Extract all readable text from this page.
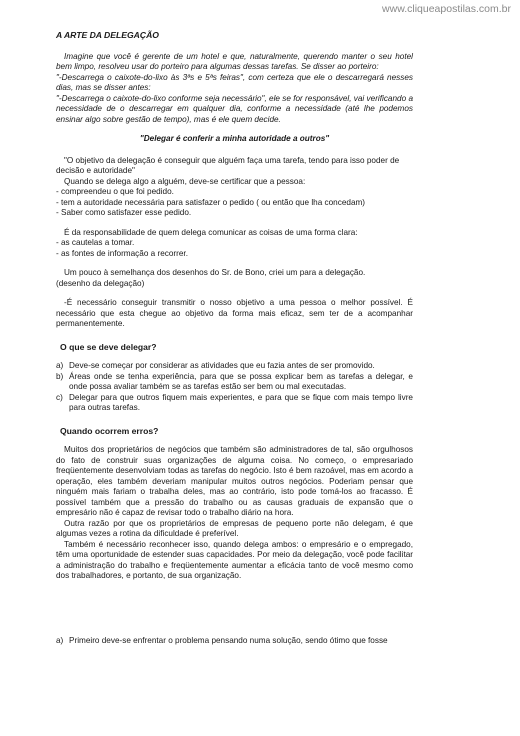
www.cliqueapostilas.com.br

A ARTE DA DELEGAÇÃO

Imagine que você é gerente de um hotel e que, naturalmente, querendo manter o seu hotel bem limpo, resolveu usar do porteiro para algumas dessas tarefas. Se disser ao porteiro:

"-Descarrega o caixote-do-lixo às 3ªs e 5ªs feiras", com certeza que ele o descarregará nesses dias, mas se disser antes:

"-Descarrega o caixote-do-lixo conforme seja necessário", ele se for responsável, vai verificando a necessidade de o descarregar em qualquer dia, conforme a necessidade (até lhe podemos ensinar algo sobre gestão de tempo), mas é ele quem decide.

"Delegar é conferir a minha autoridade a outros"

"O objetivo da delegação é conseguir que alguém faça uma tarefa, tendo para isso poder de decisão e autoridade"

Quando se delega algo a alguém, deve-se certificar que a pessoa:

- compreendeu o que foi pedido.

- tem a autoridade necessária para satisfazer o pedido ( ou então que lha concedam)

- Saber como satisfazer esse pedido.

É da responsabilidade de quem delega comunicar as coisas de uma forma clara:

- as cautelas a tomar.

- as fontes de informação a recorrer.

Um pouco à semelhança dos desenhos do Sr. de Bono, criei um para a delegação.

(desenho da delegação)

-É necessário conseguir transmitir o nosso objetivo a uma pessoa o melhor possível. É necessário que esta chegue ao objetivo da forma mais eficaz, sem ter de a acompanhar permanentemente.

O que se deve delegar?

a) Deve-se começar por considerar as atividades que eu fazia antes de ser promovido.
b) Áreas onde se tenha experiência, para que se possa explicar bem as tarefas a delegar, e onde possa avaliar também se as tarefas estão ser bem ou mal executadas.
c) Delegar para que outros fiquem mais experientes, e para que se fique com mais tempo livre para outras tarefas.

Quando ocorrem erros?

Muitos dos proprietários de negócios que também são administradores de tal, são orgulhosos do fato de construir suas organizações de alguma coisa. No começo, o empresariado freqüentemente desenvolviam todas as tarefas do negócio. Isto é bem razoável, mas em acordo a operação, eles também deveriam manipular muitos outros negócios. Poderiam pensar que ninguém mais fariam o trabalha deles, mas ao contrário, isto pode tomá-los ao fracasso. É possível também que a pressão do trabalho ou as causas graduais de expansão que o empresário não é capaz de revisar todo o trabalho diário na hora.

Outra razão por que os proprietários de empresas de pequeno porte não delegam, é que algumas vezes a rotina da dificuldade é preferível.

Também é necessário reconhecer isso, quando delega ambos: o empresário e o empregado, têm uma oportunidade de estender suas capacidades. Por meio da delegação, você pode facilitar a administração do trabalho e freqüentemente aumentar a eficácia tanto de você mesmo como dos trabalhadores, e portanto, de sua organização.

a) Primeiro deve-se enfrentar o problema pensando numa solução, sendo ótimo que fosse
